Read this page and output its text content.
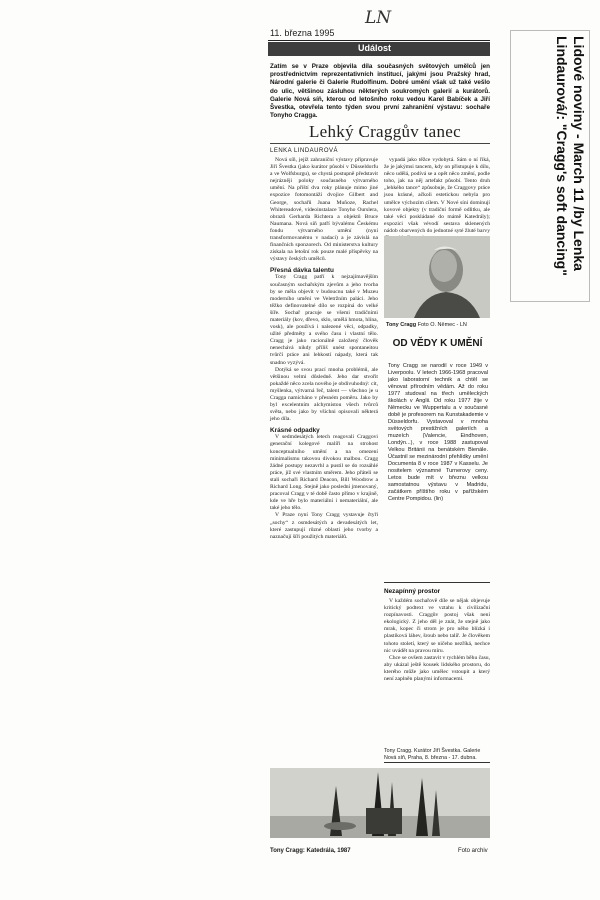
LN
11. března 1995
Událost
Zatím se v Praze objevila díla současných světových umělců jen prostřednictvím reprezentativních institucí, jakými jsou Pražský hrad, Národní galerie či Galerie Rudolfinum. Dobré umění však už také vešlo do ulic, většinou zásluhou některých soukromých galerií a kurátorů. Galerie Nová síň, kterou od letošního roku vedou Karel Babíček a Jiří Švestka, otevřela tento týden svou první zahraniční výstavu: sochaře Tonyho Cragga.
Lehký Craggův tanec
LENKA LINDAUROVÁ

Nová síň, jejíž zahraniční výstavy připravuje Jiří Švestka (jako kurátor působí v Düsseldorfu a ve Wolfsburgu), se chystá postupně představit nejrázněji poloky současného výtvarného umění. Na příští dva roky plánuje mimo jiné expozice fotomontáží dvojice Gilbert and George, sochařů Juana Muñoze, Rachel Whitereadové, videoinstalace Tonyho Ourslera, obrazů Gerharda Richtera a objektů Bruce Naumana. Nová síň patří bývalému Českému fondu výtvarného umění (nyní transformovanému v nadaci) a je závislá na finančních sponzorech. Od ministerstva kultury získala na letošní rok pouze malé příspěvky na výstavy českých umělců.

Přesná dávka talentu

Tony Cragg patří k nejzajímavějším současným sochařským zjevům a jeho tvorba by se měla objevit v budoucnu také v Muzeu moderního umění ve Veletržním paláci. Jeho těžko definovatelné dílo se rozpíná do velké šíře. Sochař pracuje se všemi tradičními materiály (kov, dřevo, sklo, umělá hmota, hlína, vosk), ale používá i nalezené věci, odpadky, užité předměty a svého času i vlastní tělo. Cragg je jako racionálně založený člověk nenechává nikdy příliš unést spontaneitou tvůrčí práce ani lehkostí nápady, která tak snadno vyzývá.

Dotýká se svou prací mnoha problémů, ale většinou velmi důsledně. Jeho dar stvořit pokaždé něco zcela nového je obdivuhodný: cit, myšlenka, výtvarná řeč, talent — všechno je u Cragga namícháno v přesném poměru. Jako by byl excelentním alchymistou všech tvůrců světa, nebo jako by všichni opisovali některá jeho díla.

Krásné odpadky

V sedmdesátých letech reagovali Craggovi generační kolegové malíři na strohost konceptualního umění a na omezení minimalismu takovou divokou malbou. Cragg žádné postupy nezavrhl a pustil se do rozsáhlé práce, jíž své vlastním směrem. Jeho přáteli se stali sochaři Richard Deacon, Bill Woodrow a Richard Long. Stejně jako poslední jmenovaný, pracoval Cragg v té době často přímo v krajině, kde ve hře bylo materiální i nemateriální, ale také jeho tělo.

V Praze nyní Tony Cragg vystavuje čtyři „sochy“ z osmdesátých a devadesátých let, které zastupují různé oblasti jeho tvorby a naznačují šíři použitých materiálů.

vypadá jako těžce vydobytá. Sám o ní říká, že je jakýmsi tancem, kdy on přistupuje k dílu, něco udělá, podívá se a opět něco změní, podle toho, jak na něj artefakt působí. Tento druh „lehkého tance“ způsobuje, že Craggovy práce jsou krásné, ačkoli estetickou nebyla pro umělce výchozím cílem. V Nové síni dominují kovové objekty (v tradiční formě odlitku, ale také věci poskládané do mámě Katedrály); expozici však vévodí sestava sklenených nádob obarvených do jednotné syté žluté barvy

Tony Cragg Foto O. Němec - LN
OD VĚDY K UMĚNÍ
Tony Cragg se narodil v roce 1949 v Liverpoolu. V letech 1966-1968 pracoval jako laboratorní technik a chtěl se věnovat přírodním vědám. Až do roku 1977 studoval na třech uměleckých školách v Anglii. Od roku 1977 žije v Německu ve Wuppertalu a v současné době je profesorem na Kunstakademie v Düsseldorfu. Vystavoval v mnoha světových prestižních galeriích a muzeích (Valencie, Eindhoven, Londýn...), v roce 1988 zastupoval Velkou Británii na benátském Bienále. Účastnil se mezinárodní přehlídky umění Documenta 8 v roce 1987 v Kasselu. Je nositelem významné Turnerovy ceny. Letos bude mít v březnu velkou samostatnou výstavu v Madridu, začátkem příštího roku v pařížském Centre Pompidou. (lin)
Nezapínný prostor

V každém sochařově díle se nějak objevuje kritický podtext ve vztahu k civilizační rozpínavosti. Craggův postoj však není ekologický. Z jeho děl je znát, že stejně jako mrak, kopec či strom je pro něho blízká i plastiková láhev, šroub nebo talíř. Je člověkem tohoto století, který se ničeho nezříká, nechce nic uvádět na pravou míru.

Chce se ovšem zastavit v rychlém běhu času, aby ukázal ještě kousek lidského prostoru, do kterého může jako umělec vstoupit a který není zaplněn planými informacemi.

Tony Cragg. Kurátor Jiří Švestka. Galerie Nová síň, Praha, 8. března - 17. dubna.
Tony Cragg: Katedrála, 1987	Foto archiv
Lidové noviny - March 11 /by Lenka Lindaurová/: "Cragg's soft dancing"
